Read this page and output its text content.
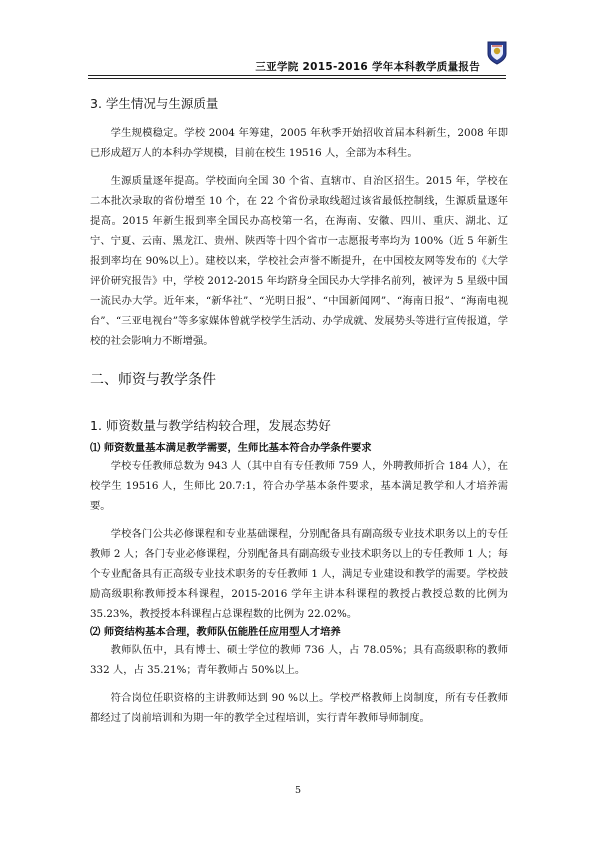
三亚学院 2015-2016 学年本科教学质量报告
3. 学生情况与生源质量

学生规模稳定。学校 2004 年筹建，2005 年秋季开始招收首届本科新生，2008 年即已形成超万人的本科办学规模，目前在校生 19516 人，全部为本科生。

生源质量逐年提高。学校面向全国 30 个省、直辖市、自治区招生。2015 年，学校在二本批次录取的省份增至 10 个，在 22 个省份录取线超过该省最低控制线，生源质量逐年提高。2015 年新生报到率全国民办高校第一名，在海南、安徽、四川、重庆、湖北、辽宁、宁夏、云南、黑龙江、贵州、陕西等十四个省市一志愿报考率均为 100%（近 5 年新生报到率均在 90%以上）。建校以来，学校社会声誉不断提升，在中国校友网等发布的《大学评价研究报告》中，学校 2012-2015 年均跻身全国民办大学排名前列，被评为 5 星级中国一流民办大学。近年来，“新华社”、“光明日报”、“中国新闻网”、“海南日报”、“海南电视台”、“三亚电视台”等多家媒体曾就学校学生活动、办学成就、发展势头等进行宣传报道，学校的社会影响力不断增强。

二、师资与教学条件
1. 师资数量与教学结构较合理，发展态势好
⑴ 师资数量基本满足教学需要，生师比基本符合办学条件要求

学校专任教师总数为 943 人（其中自有专任教师 759 人，外聘教师折合 184 人），在校学生 19516 人，生师比 20.7:1，符合办学基本条件要求，基本满足教学和人才培养需要。

学校各门公共必修课程和专业基础课程，分别配备具有副高级专业技术职务以上的专任教师 2 人；各门专业必修课程，分别配备具有副高级专业技术职务以上的专任教师 1 人；每个专业配备具有正高级专业技术职务的专任教师 1 人，满足专业建设和教学的需要。学校鼓励高级职称教师授本科课程，2015-2016 学年主讲本科课程的教授占教授总数的比例为 35.23%，教授授本科课程占总课程数的比例为 22.02%。

⑵ 师资结构基本合理，教师队伍能胜任应用型人才培养

教师队伍中，具有博士、硕士学位的教师 736 人，占 78.05%；具有高级职称的教师 332 人，占 35.21%；青年教师占 50%以上。

符合岗位任职资格的主讲教师达到 90 %以上。学校严格教师上岗制度，所有专任教师都经过了岗前培训和为期一年的教学全过程培训，实行青年教师导师制度。

5
